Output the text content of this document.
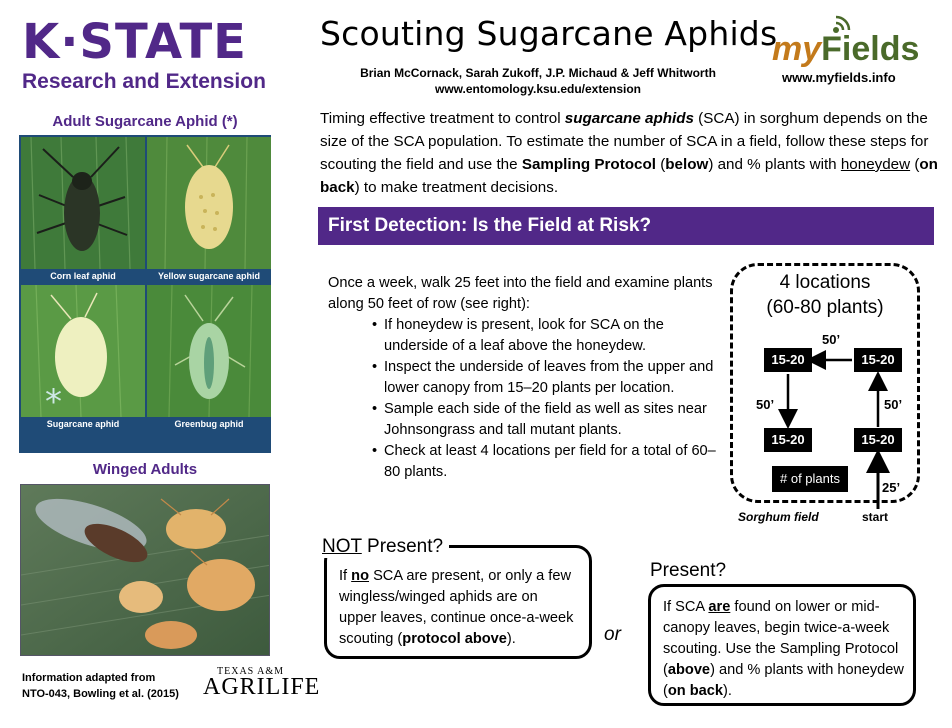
K·STATE
Research and Extension
Adult Sugarcane Aphid (*)
Corn leaf aphid	Yellow sugarcane aphid
*
Sugarcane aphid	Greenbug aphid
Winged Adults
Information adapted from
NTO-043, Bowling et al. (2015)
TEXAS A&M
AGRILIFE
Scouting Sugarcane Aphids
Brian McCornack, Sarah Zukoff, J.P. Michaud & Jeff Whitworth
www.entomology.ksu.edu/extension
myFields
www.myfields.info
Timing effective treatment to control sugarcane aphids (SCA) in sorghum depends on the size of the SCA population. To estimate the number of SCA in a field, follow these steps for scouting the field and use the Sampling Protocol (below) and % plants with honeydew (on back) to make treatment decisions.
First Detection: Is the Field at Risk?
Once a week, walk 25 feet into the field and examine plants along 50 feet of row (see right):
• If honeydew is present, look for SCA on the underside of a leaf above the honeydew.
• Inspect the underside of leaves from the upper and lower canopy from 15–20 plants per location.
• Sample each side of the field as well as sites near Johnsongrass and tall mutant plants.
• Check at least 4 locations per field for a total of 60–80 plants.
4 locations
(60-80 plants)
15-20	15-20
15-20	15-20
50’
50’	50’
25’
# of plants
Sorghum field	start
If no SCA are present, or only a few wingless/winged aphids are on upper leaves, continue once-a-week scouting (protocol above).
NOT Present?
or
If SCA are found on lower or mid-canopy leaves, begin twice-a-week scouting. Use the Sampling Protocol (above) and % plants with honeydew (on back).
Present?
